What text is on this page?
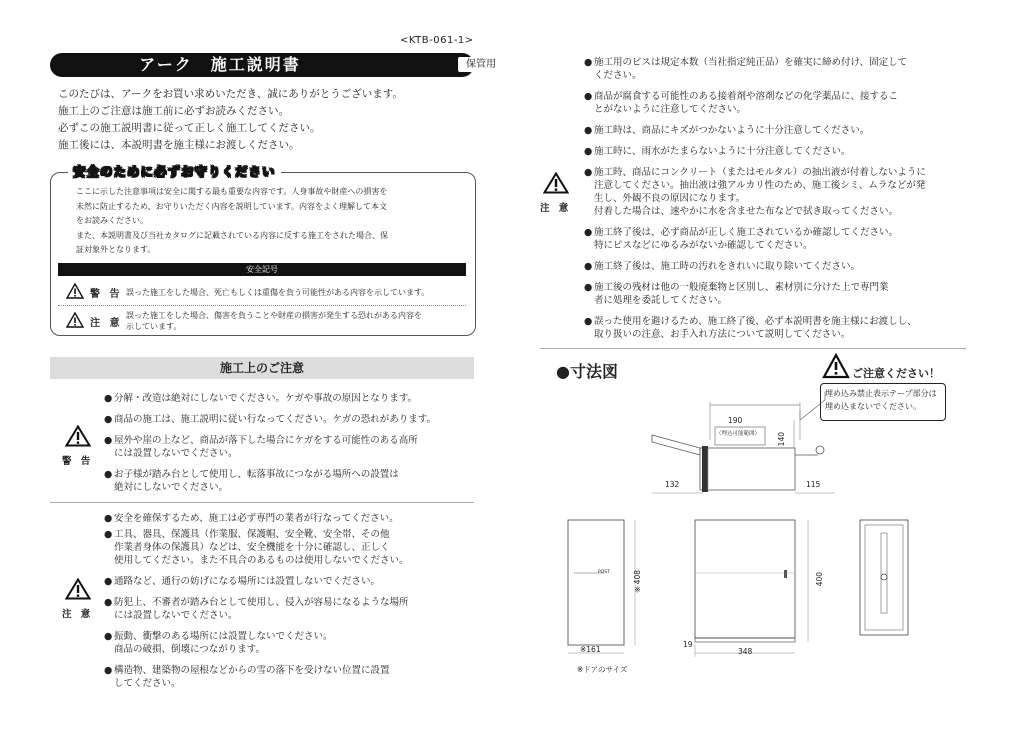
<KTB-061-1>
アーク　施工説明書	保管用
このたびは、アークをお買い求めいただき、誠にありがとうございます。
施工上のご注意は施工前に必ずお読みください。
必ずこの施工説明書に従って正しく施工してください。
施工後には、本説明書を施主様にお渡しください。
安全のために必ずお守りください
ここに示した注意事項は安全に関する最も重要な内容です。人身事故や財産への損害を
未然に防止するため、お守りいただく内容を説明しています。内容をよく理解して本文
をお読みください。
また、本説明書及び当社カタログに記載されている内容に反する施工をされた場合、保
証対象外となります。
安全記号
警 告 誤った施工をした場合、死亡もしくは重傷を負う可能性がある内容を示しています。
注 意
誤った施工をした場合、傷害を負うことや財産の損害が発生する恐れがある内容を
示しています。
施工上のご注意
警 告
● 分解・改造は絶対にしないでください。ケガや事故の原因となります。
● 商品の施工は、施工説明に従い行なってください。ケガの恐れがあります。
● 屋外や崖の上など、商品が落下した場合にケガをする可能性のある高所
には設置しないでください。
● お子様が踏み台として使用し、転落事故につながる場所への設置は
絶対にしないでください。
注 意
● 安全を確保するため、施工は必ず専門の業者が行なってください。
● 工具、器具、保護具（作業服、保護帽、安全靴、安全帯、その他
作業者身体の保護具）などは、安全機能を十分に確認し、正しく
使用してください。また不具合のあるものは使用しないでください。
● 通路など、通行の妨げになる場所には設置しないでください。
● 防犯上、不審者が踏み台として使用し、侵入が容易になるような場所
には設置しないでください。
● 振動、衝撃のある場所には設置しないでください。
商品の破損、倒壊につながります。
● 構造物、建築物の屋根などからの雪の落下を受けない位置に設置
してください。
注 意
● 施工用のビスは規定本数（当社指定純正品）を確実に締め付け、固定して
ください。
● 商品が腐食する可能性のある接着剤や溶剤などの化学薬品に、接するこ
とがないように注意してください。
● 施工時は、商品にキズがつかないように十分注意してください。
● 施工時に、雨水がたまらないように十分注意してください。
● 施工時、商品にコンクリート（またはモルタル）の抽出液が付着しないように
注意してください。抽出液は強アルカリ性のため、施工後シミ、ムラなどが発
生し、外観不良の原因になります。
付着した場合は、速やかに水を含ませた布などで拭き取ってください。
● 施工終了後は、必ず商品が正しく施工されているか確認してください。
特にビスなどにゆるみがないか確認してください。
● 施工終了後は、施工時の汚れをきれいに取り除いてください。
● 施工後の残材は他の一般廃棄物と区別し、素材別に分けた上で専門業
者に処理を委託してください。
● 誤った使用を避けるため、施工終了後、必ず本説明書を施主様にお渡しし、
取り扱いの注意、お手入れ方法について説明してください。
●寸法図	ご注意ください！
埋め込み禁止表示テープ部分は
埋め込まないでください。
190
（埋込可能範囲） 140
132	115
POST	※408
※161
※ドアのサイズ
400
348
19
